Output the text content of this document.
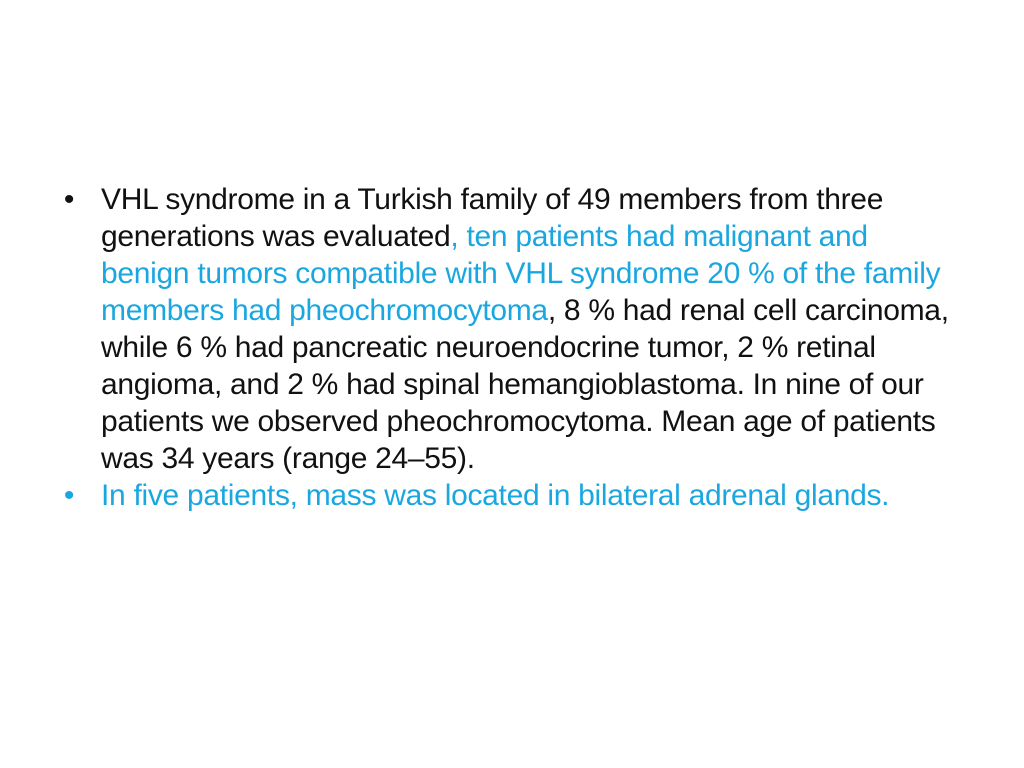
• VHL syndrome in a Turkish family of 49 members from three generations was evaluated, ten patients had malignant and benign tumors compatible with VHL syndrome 20 % of the family members had pheochromocytoma, 8 % had renal cell carcinoma, while 6 % had pancreatic neuroendocrine tumor, 2 % retinal angioma, and 2 % had spinal hemangioblastoma. In nine of our patients we observed pheochromocytoma. Mean age of patients was 34 years (range 24–55).
• In five patients, mass was located in bilateral adrenal glands.
